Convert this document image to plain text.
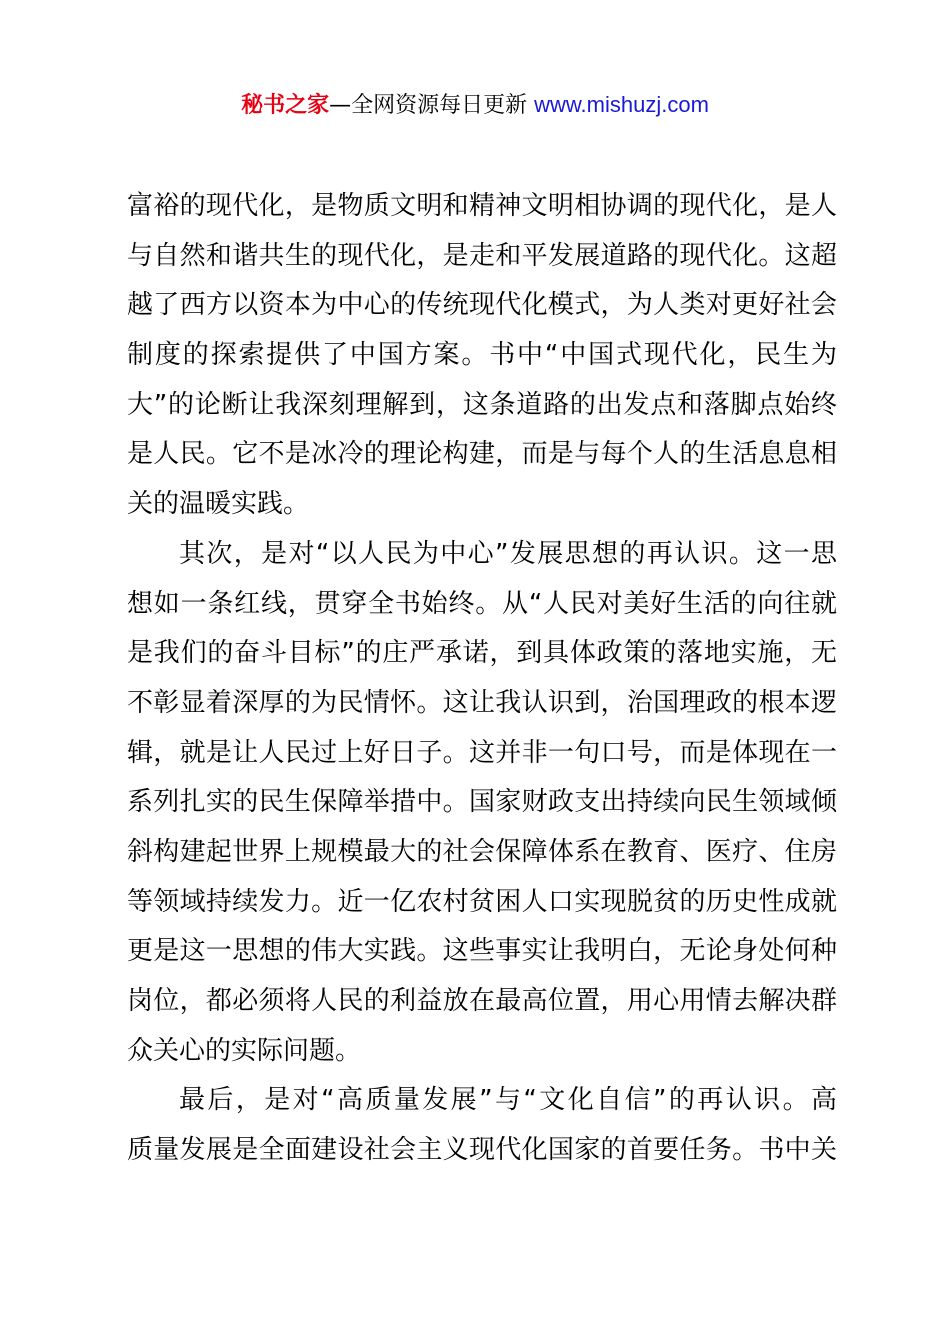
秘书之家—全网资源每日更新 www.mishuzj.com
富裕的现代化，是物质文明和精神文明相协调的现代化，是人
与自然和谐共生的现代化，是走和平发展道路的现代化。这超
越了西方以资本为中心的传统现代化模式，为人类对更好社会
制度的探索提供了中国方案。书中“中国式现代化，民生为
大”的论断让我深刻理解到，这条道路的出发点和落脚点始终
是人民。它不是冰冷的理论构建，而是与每个人的生活息息相
关的温暖实践。
其次，是对“以人民为中心”发展思想的再认识。这一思
想如一条红线，贯穿全书始终。从“人民对美好生活的向往就
是我们的奋斗目标”的庄严承诺，到具体政策的落地实施，无
不彰显着深厚的为民情怀。这让我认识到，治国理政的根本逻
辑，就是让人民过上好日子。这并非一句口号，而是体现在一
系列扎实的民生保障举措中。国家财政支出持续向民生领域倾
斜构建起世界上规模最大的社会保障体系在教育、医疗、住房
等领域持续发力。近一亿农村贫困人口实现脱贫的历史性成就
更是这一思想的伟大实践。这些事实让我明白，无论身处何种
岗位，都必须将人民的利益放在最高位置，用心用情去解决群
众关心的实际问题。
最后，是对“高质量发展”与“文化自信”的再认识。高
质量发展是全面建设社会主义现代化国家的首要任务。书中关
